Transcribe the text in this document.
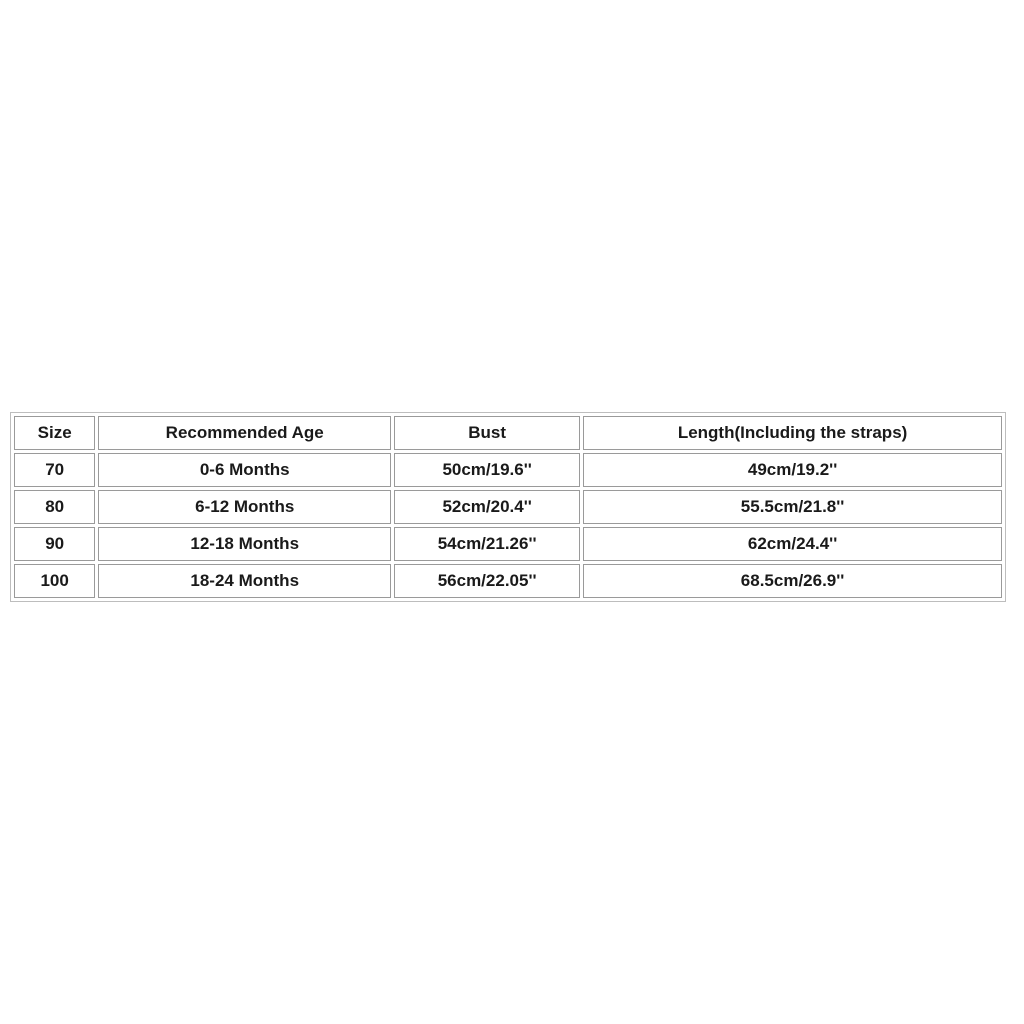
Size	Recommended Age	Bust	Length(Including the straps)
70	0-6 Months	50cm/19.6''	49cm/19.2''
80	6-12 Months	52cm/20.4''	55.5cm/21.8''
90	12-18 Months	54cm/21.26''	62cm/24.4''
100	18-24 Months	56cm/22.05''	68.5cm/26.9''
